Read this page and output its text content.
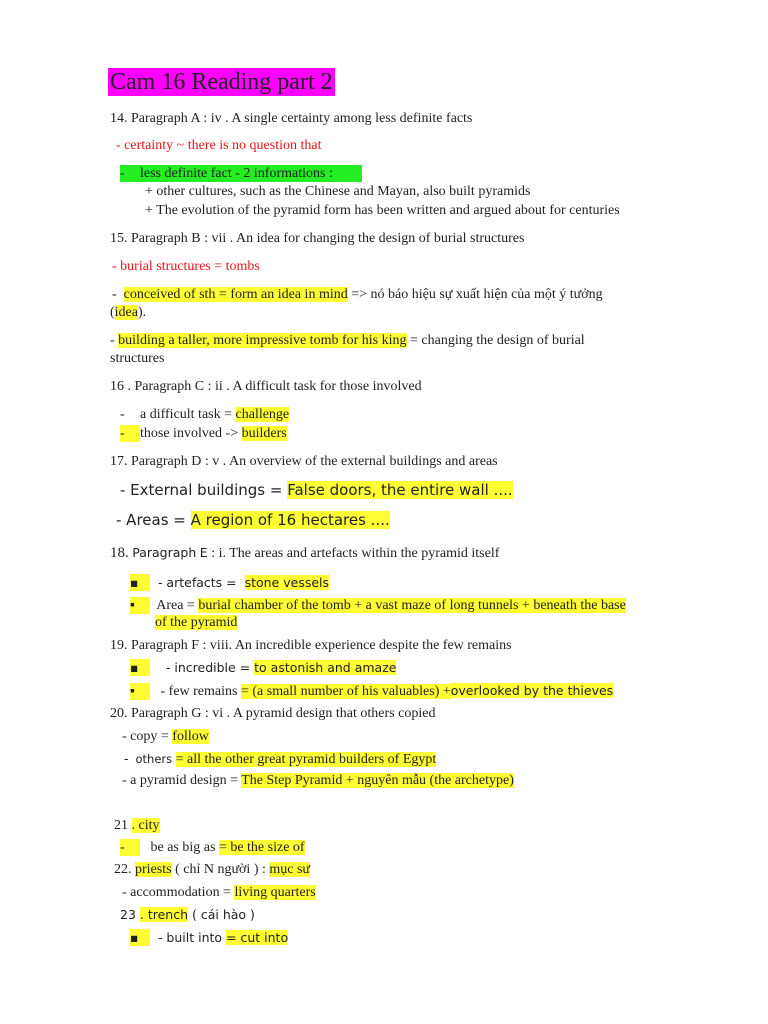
Cam 16 Reading part 2
14. Paragraph A : iv . A single certainty among less definite facts
- certainty ~ there is no question that
- less definite fact - 2 informations :
+ other cultures, such as the Chinese and Mayan, also built pyramids
+ The evolution of the pyramid form has been written and argued about for centuries
15. Paragraph B : vii . An idea for changing the design of burial structures
- burial structures = tombs
- conceived of sth = form an idea in mind => nó báo hiệu sự xuất hiện của một ý tưởng
(idea).
- building a taller, more impressive tomb for his king = changing the design of burial
structures
16 . Paragraph C : ii . A difficult task for those involved
- a difficult task = challenge
- those involved -> builders
17. Paragraph D : v . An overview of the external buildings and areas
- External buildings = False doors, the entire wall ....
- Areas = A region of 16 hectares ....
18. Paragraph E : i. The areas and artefacts within the pyramid itself
▪ - artefacts = stone vessels
▪ Area = burial chamber of the tomb + a vast maze of long tunnels + beneath the base
of the pyramid
19. Paragraph F : viii. An incredible experience despite the few remains
▪ - incredible = to astonish and amaze
▪ - few remains = (a small number of his valuables) +overlooked by the thieves
20. Paragraph G : vi . A pyramid design that others copied
- copy = follow
- others = all the other great pyramid builders of Egypt
- a pyramid design = The Step Pyramid + nguyên mẫu (the archetype)
21 . city
- be as big as = be the size of
22. priests ( chỉ N người ) : mục sư
- accommodation = living quarters
23 . trench ( cái hào )
▪ - built into = cut into
